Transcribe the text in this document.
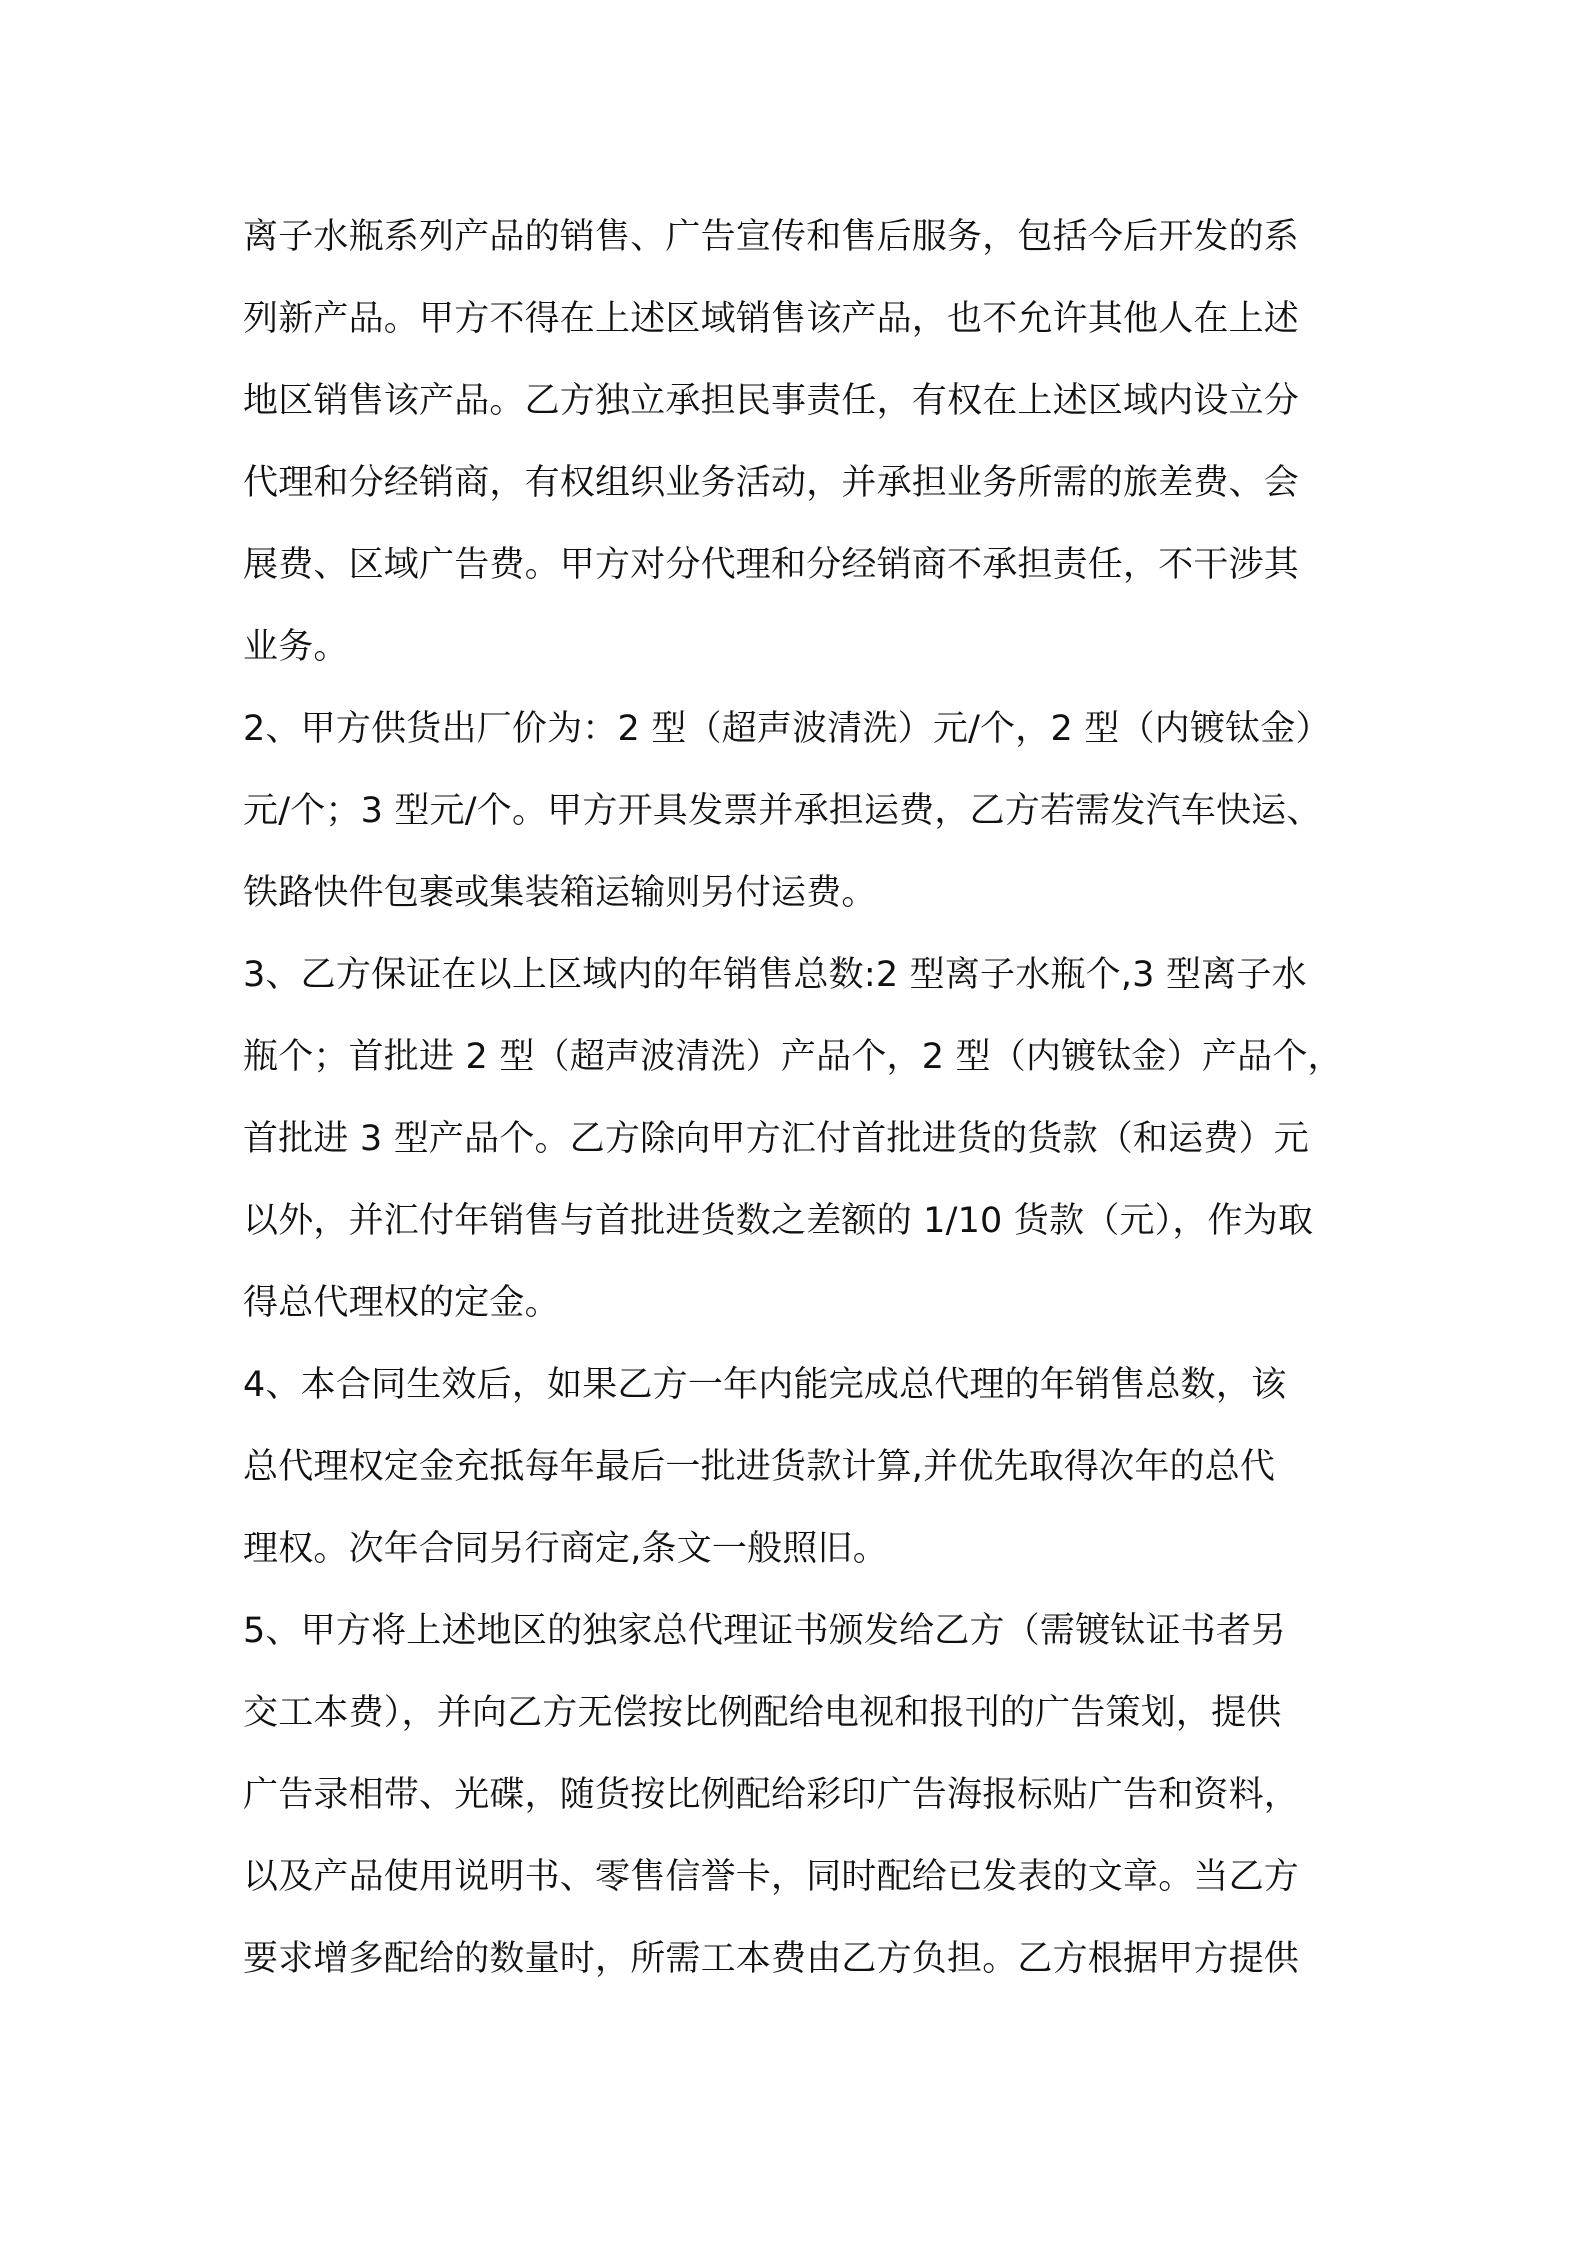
离子水瓶系列产品的销售、广告宣传和售后服务，包括今后开发的系
列新产品。甲方不得在上述区域销售该产品，也不允许其他人在上述
地区销售该产品。乙方独立承担民事责任，有权在上述区域内设立分
代理和分经销商，有权组织业务活动，并承担业务所需的旅差费、会
展费、区域广告费。甲方对分代理和分经销商不承担责任，不干涉其
业务。
2、甲方供货出厂价为：2 型（超声波清洗）元/个，2 型（内镀钛金）
元/个；3 型元/个。甲方开具发票并承担运费，乙方若需发汽车快运、
铁路快件包裹或集装箱运输则另付运费。
3、乙方保证在以上区域内的年销售总数:2 型离子水瓶个,3 型离子水
瓶个；首批进 2 型（超声波清洗）产品个，2 型（内镀钛金）产品个，
首批进 3 型产品个。乙方除向甲方汇付首批进货的货款（和运费）元
以外，并汇付年销售与首批进货数之差额的 1/10 货款（元），作为取
得总代理权的定金。
4、本合同生效后，如果乙方一年内能完成总代理的年销售总数，该
总代理权定金充抵每年最后一批进货款计算,并优先取得次年的总代
理权。次年合同另行商定,条文一般照旧。
5、甲方将上述地区的独家总代理证书颁发给乙方（需镀钛证书者另
交工本费），并向乙方无偿按比例配给电视和报刊的广告策划，提供
广告录相带、光碟，随货按比例配给彩印广告海报标贴广告和资料，
以及产品使用说明书、零售信誉卡，同时配给已发表的文章。当乙方
要求增多配给的数量时，所需工本费由乙方负担。乙方根据甲方提供
